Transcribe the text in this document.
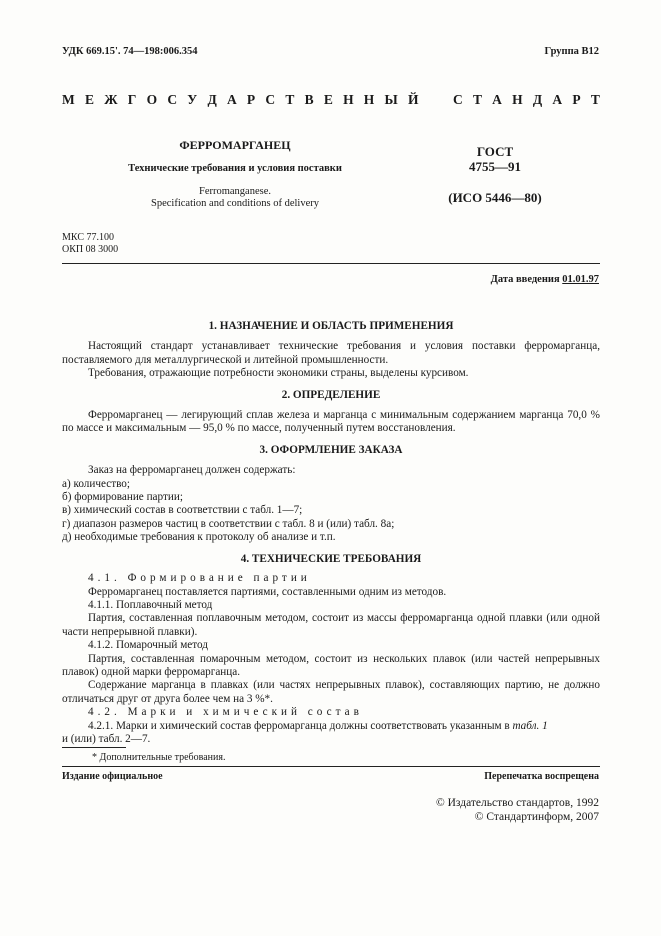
УДК 669.15'. 74—198:006.354	Группа В12
М Е Ж Г О С У Д А Р С Т В Е Н Н Ы Й	С Т А Н Д А Р Т
ФЕРРОМАРГАНЕЦ
Технические требования и условия поставки
Ferromanganese.
Specification and conditions of delivery
ГОСТ
4755—91
(ИСО 5446—80)
МКС 77.100
ОКП 08 3000
Дата введения 01.01.97
1. НАЗНАЧЕНИЕ И ОБЛАСТЬ ПРИМЕНЕНИЯ

Настоящий стандарт устанавливает технические требования и условия поставки ферромарганца, поставляемого для металлургической и литейной промышленности.

Требования, отражающие потребности экономики страны, выделены курсивом.

2. ОПРЕДЕЛЕНИЕ

Ферромарганец — легирующий сплав железа и марганца с минимальным содержанием марганца 70,0 % по массе и максимальным — 95,0 % по массе, полученный путем восстановления.

3. ОФОРМЛЕНИЕ ЗАКАЗА

Заказ на ферромарганец должен содержать:

а) количество;

б) формирование партии;

в) химический состав в соответствии с табл. 1—7;

г) диапазон размеров частиц в соответствии с табл. 8 и (или) табл. 8а;

д) необходимые требования к протоколу об анализе и т.п.

4. ТЕХНИЧЕСКИЕ ТРЕБОВАНИЯ

4.1. Формирование партии

Ферромарганец поставляется партиями, составленными одним из методов.

4.1.1. Поплавочный метод

Партия, составленная поплавочным методом, состоит из массы ферромарганца одной плавки (или одной части непрерывной плавки).

4.1.2. Помарочный метод

Партия, составленная помарочным методом, состоит из нескольких плавок (или частей непрерывных плавок) одной марки ферромарганца.

Содержание марганца в плавках (или частях непрерывных плавок), составляющих партию, не должно отличаться друг от друга более чем на 3 %*.

4.2. Марки и химический состав

4.2.1. Марки и химический состав ферромарганца должны соответствовать указанным в табл. 1

и (или) табл. 2—7.

* Дополнительные требования.
Издание официальное	Перепечатка воспрещена
© Издательство стандартов, 1992
© Стандартинформ, 2007
